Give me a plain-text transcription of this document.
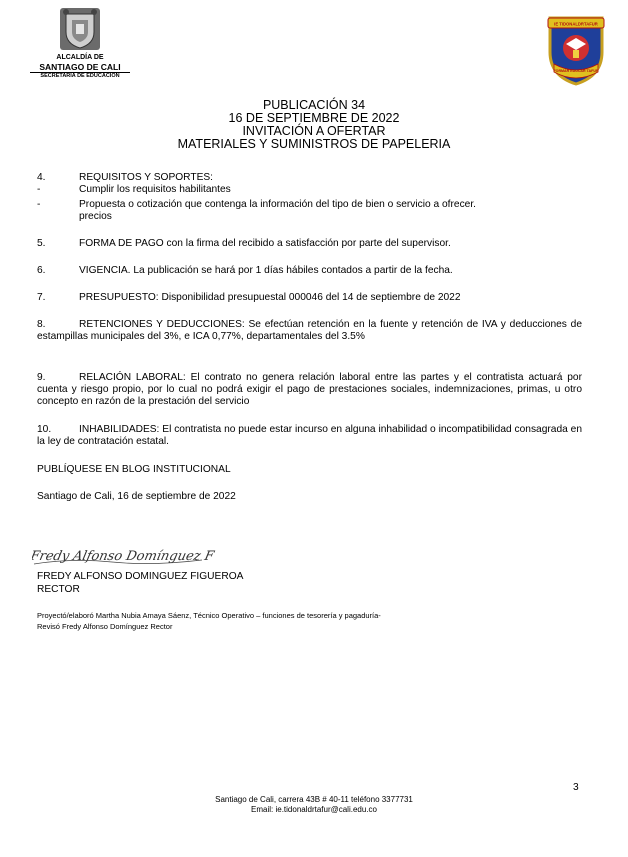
ALCALDÍA DE
SANTIAGO DE CALI
SECRETARÍA DE EDUCACIÓN
IE TIDONALDRTAFUR
FORMAR EDUCAR TAFUR
PUBLICACIÓN 34
16 DE SEPTIEMBRE DE 2022
INVITACIÓN A OFERTAR
MATERIALES Y SUMINISTROS DE PAPELERIA
4.	REQUISITOS Y SOPORTES:
-	Cumplir los requisitos habilitantes
-	Propuesta o cotización que contenga la información del tipo de bien o servicio a ofrecer.
precios
5.	FORMA DE PAGO con la firma del recibido a satisfacción por parte del supervisor.
6.	VIGENCIA. La publicación se hará por 1 días hábiles contados a partir de la fecha.
7.	PRESUPUESTO: Disponibilidad presupuestal 000046 del 14 de septiembre de 2022
8.	RETENCIONES Y DEDUCCIONES: Se efectúan retención en la fuente y retención de IVA y deducciones de estampillas municipales del 3%, e ICA 0,77%, departamentales del 3.5%
9.	RELACIÓN LABORAL: El contrato no genera relación laboral entre las partes y el contratista actuará por cuenta y riesgo propio, por lo cual no podrá exigir el pago de prestaciones sociales, indemnizaciones, primas, u otro concepto en razón de la prestación del servicio
10.	INHABILIDADES: El contratista no puede estar incurso en alguna inhabilidad o incompatibilidad consagrada en la ley de contratación estatal.
PUBLÍQUESE EN BLOG INSTITUCIONAL
Santiago de Cali, 16 de septiembre de 2022
Fredy Alfonso Domínguez F
FREDY ALFONSO DOMINGUEZ FIGUEROA
RECTOR
Proyectó/elaboró Martha Nubia Amaya Sáenz, Técnico Operativo – funciones de tesorería y pagaduría-
Revisó Fredy Alfonso Domínguez Rector
3
Santiago de Cali, carrera 43B # 40-11 teléfono 3377731
Email: ie.tidonaldrtafur@cali.edu.co
